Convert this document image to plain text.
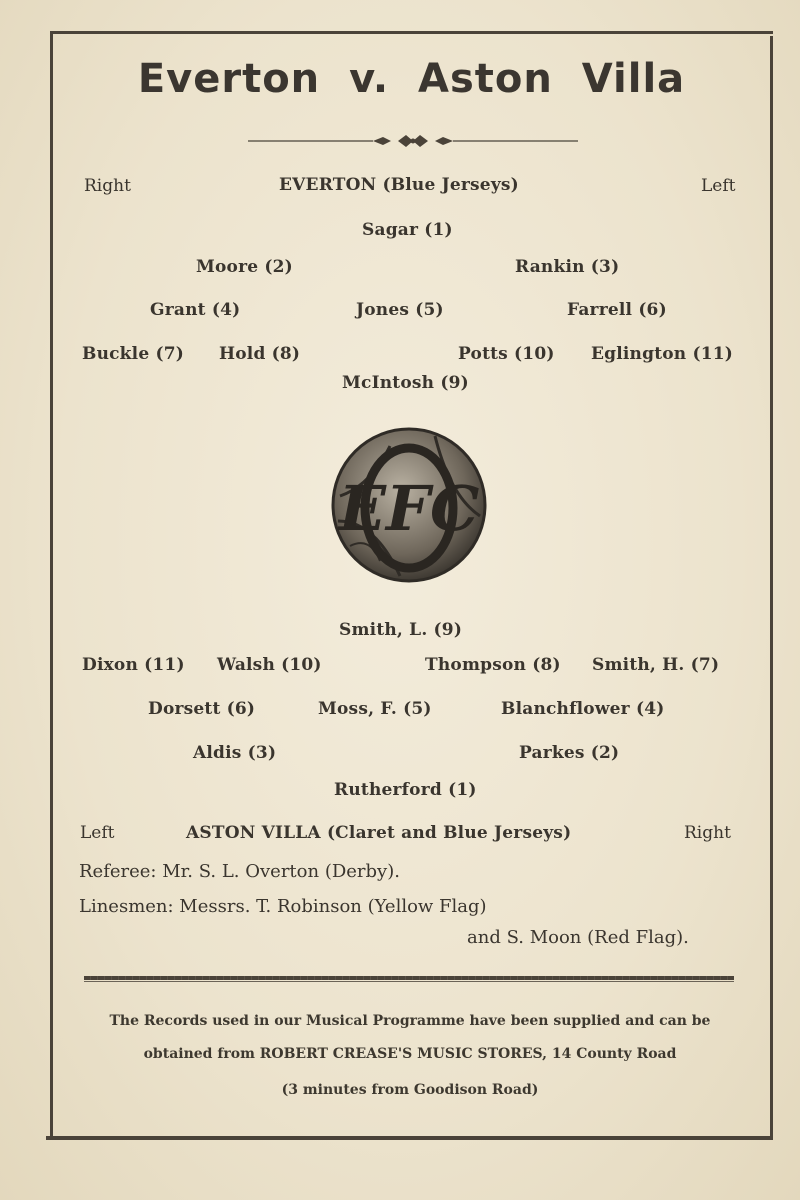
Everton v. Aston Villa
Right	EVERTON (Blue Jerseys)	Left
Sagar (1)
Moore (2)	Rankin (3)
Grant (4)	Jones (5)	Farrell (6)
Buckle (7) Hold (8)	Potts (10) Eglington (11)
McIntosh (9)
EFC
Smith, L. (9)
Dixon (11) Walsh (10)	Thompson (8) Smith, H. (7)
Dorsett (6)	Moss, F. (5)	Blanchflower (4)
Aldis (3)	Parkes (2)
Rutherford (1)
Left	ASTON VILLA (Claret and Blue Jerseys)	Right
Referee: Mr. S. L. Overton (Derby).
Linesmen: Messrs. T. Robinson (Yellow Flag)
and S. Moon (Red Flag).
The Records used in our Musical Programme have been supplied and can be
obtained from ROBERT CREASE'S MUSIC STORES, 14 County Road
(3 minutes from Goodison Road)
